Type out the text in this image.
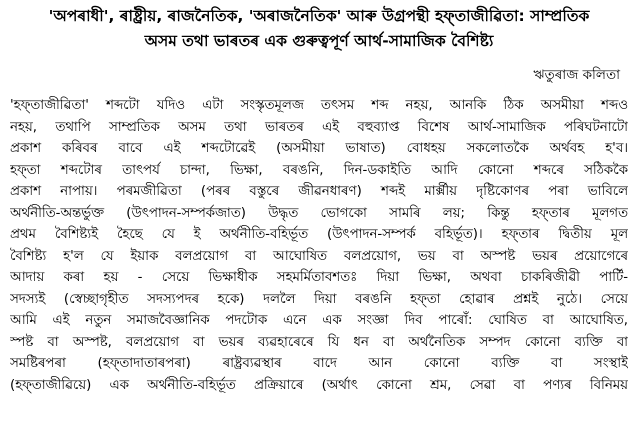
'অপৰাধী', ৰাষ্ট্ৰীয়, ৰাজনৈতিক, 'অৰাজনৈতিক' আৰু উগ্ৰপন্থী হফ্‌তাজীৱিতা: সাম্প্ৰতিক
অসম তথা ভাৰতৰ এক গুৰুত্বপূৰ্ণ আৰ্থ-সামাজিক বৈশিষ্ট্য

ঋতুৰাজ কলিতা

'হফ্‌তাজীৱিতা' শব্দটো যদিও এটা সংস্কৃতমূলজ তৎসম শব্দ নহয়, আনকি ঠিক অসমীয়া শব্দও
নহয়, তথাপি সাম্প্ৰতিক অসম তথা ভাৰতৰ এই বহুব্যাপ্ত বিশেষ আৰ্থ-সামাজিক পৰিঘটনাটো
প্ৰকাশ কৰিবৰ বাবে এই শব্দটোৱেই (অসমীয়া ভাষাত) বোধহয় সকলোতকৈ অৰ্থবহ হ'ব।
হফ্‌তা শব্দটোৰ তাৎপৰ্য চান্দা, ভিক্ষা, বৰঙনি, দিন-ডকাইতি আদি কোনো শব্দৰে সঠিককৈ
প্ৰকাশ নাপায়। পৰমজীৱিতা (পৰৰ বস্তুৰে জীৱনধাৰণ) শব্দই মাৰ্ক্সীয় দৃষ্টিকোণৰ পৰা ভাবিলে
অৰ্থনীতি-অন্তৰ্ভুক্ত (উৎপাদন-সম্পৰ্কজাত) উদ্ধৃত ভোগকো সামৰি লয়; কিন্তু হফ্‌তাৰ মূলগত
প্ৰথম বৈশিষ্ট্যই হৈছে যে ই অৰ্থনীতি-বহিৰ্ভূত (উৎপাদন-সম্পৰ্ক বহিৰ্ভূত)। হফ্‌তাৰ দ্বিতীয় মূল
বৈশিষ্ট্য হ'ল যে ইয়াক বলপ্ৰয়োগ বা আঘোষিত বলপ্ৰয়োগ, ভয় বা অস্পষ্ট ভয়ৰ প্ৰয়োগেৰে
আদায় কৰা হয় - সেয়ে ভিক্ষাধীক সহমৰ্মিতাবশতঃ দিয়া ভিক্ষা, অথবা চাকৰিজীৱী পাৰ্টি-
সদস্যই (স্বেচ্ছাগৃহীত সদস্যপদৰ হকে) দললৈ দিয়া বৰঙনি হফ্‌তা হোৱাৰ প্ৰশ্নই নুঠে। সেয়ে
আমি এই নতুন সমাজবৈজ্ঞানিক পদটোক এনে এক সংজ্ঞা দিব পাৰোঁ: ঘোষিত বা আঘোষিত,
স্পষ্ট বা অস্পষ্ট, বলপ্ৰয়োগ বা ভয়ৰ ব্যৱহাৰেৰে যি ধন বা অৰ্থনৈতিক সম্পদ কোনো ব্যক্তি বা
সমষ্টিৰপৰা (হফ্‌তাদাতাৰপৰা) ৰাষ্ট্ৰব্যৱস্থাৰ বাদে আন কোনো ব্যক্তি বা সংস্থাই
(হফ্‌তাজীৱিয়ে) এক অৰ্থনীতি-বহিৰ্ভূত প্ৰক্ৰিয়াৰে (অৰ্থাৎ কোনো শ্ৰম, সেৱা বা পণ্যৰ বিনিময়
